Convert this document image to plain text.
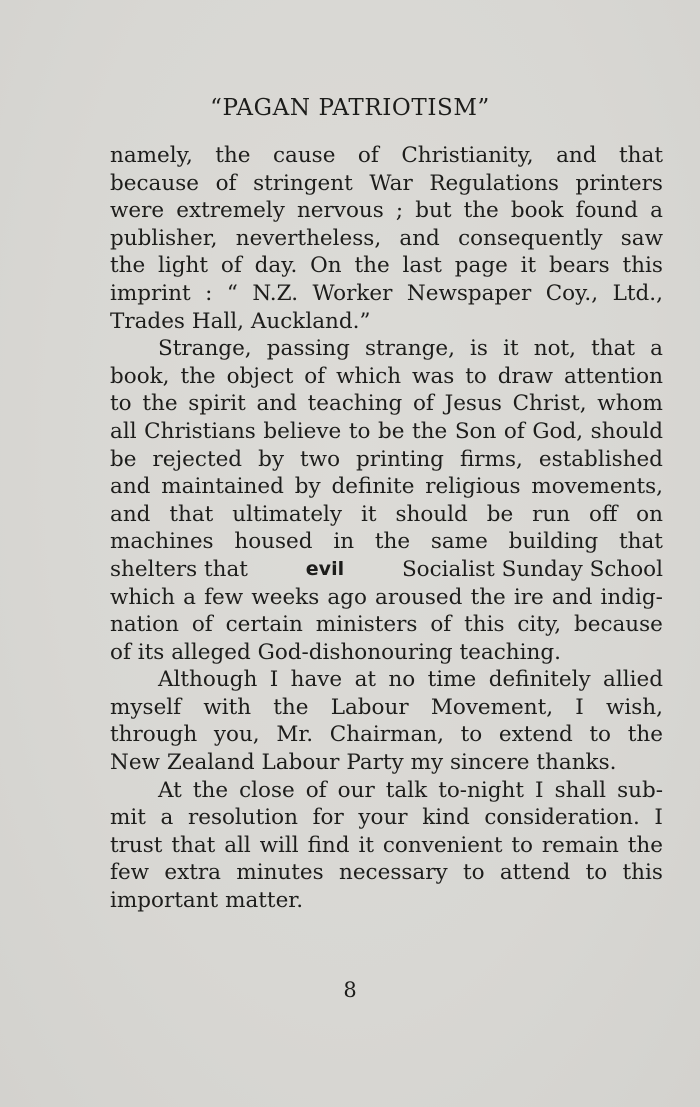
“PAGAN PATRIOTISM”
namely, the cause of Christianity, and that
because of stringent War Regulations printers
were extremely nervous ; but the book found a
publisher, nevertheless, and consequently saw
the light of day. On the last page it bears this
imprint : “ N.Z. Worker Newspaper Coy., Ltd.,
Trades Hall, Auckland.”
Strange, passing strange, is it not, that a
book, the object of which was to draw attention
to the spirit and teaching of Jesus Christ, whom
all Christians believe to be the Son of God, should
be rejected by two printing firms, established
and maintained by definite religious movements,
and that ultimately it should be run off on
machines housed in the same building that
shelters that	evil	Socialist Sunday School
which a few weeks ago aroused the ire and indig-
nation of certain ministers of this city, because
of its alleged God-dishonouring teaching.
Although I have at no time definitely allied
myself with the Labour Movement, I wish,
through you, Mr. Chairman, to extend to the
New Zealand Labour Party my sincere thanks.
At the close of our talk to-night I shall sub-
mit a resolution for your kind consideration. I
trust that all will find it convenient to remain the
few extra minutes necessary to attend to this
important matter.
8
